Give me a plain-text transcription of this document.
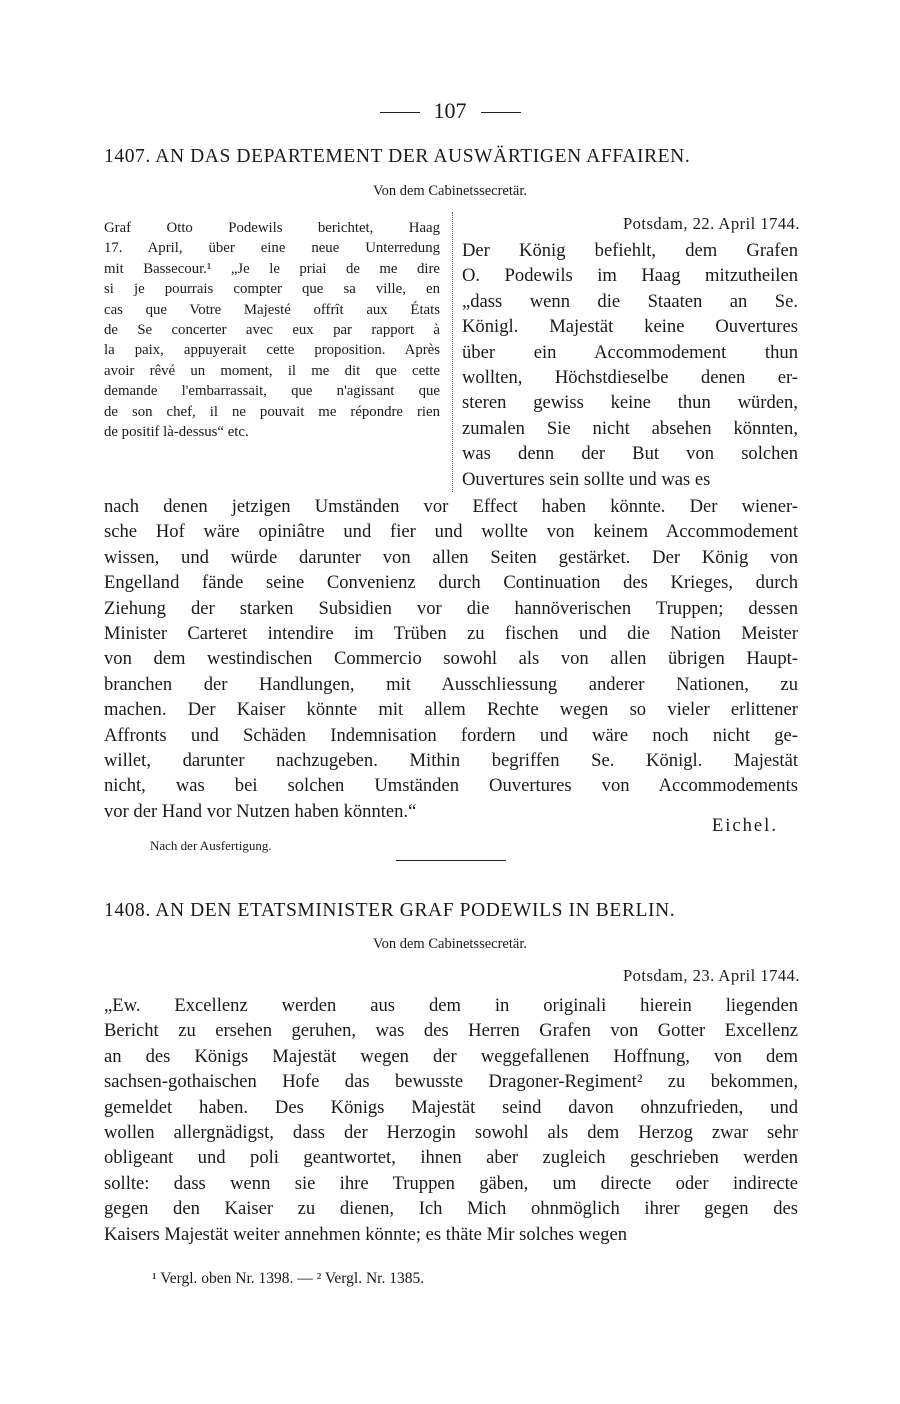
107
1407. AN DAS DEPARTEMENT DER AUSWÄRTIGEN AFFAIREN.
Von dem Cabinetssecretär.
Graf Otto Podewils berichtet, Haag
17. April, über eine neue Unterredung
mit Bassecour.¹ „Je le priai de me dire
si je pourrais compter que sa ville, en
cas que Votre Majesté offrît aux États
de Se concerter avec eux par rapport à
la paix, appuyerait cette proposition. Après
avoir rêvé un moment, il me dit que cette
demande l'embarrassait, que n'agissant que
de son chef, il ne pouvait me répondre rien
de positif là-dessus“ etc.
Potsdam, 22. April 1744.
Der König befiehlt, dem Grafen
O. Podewils im Haag mitzutheilen
„dass wenn die Staaten an Se.
Königl. Majestät keine Ouvertures
über ein Accommodement thun
wollten, Höchstdieselbe denen er-
steren gewiss keine thun würden,
zumalen Sie nicht absehen könnten,
was denn der But von solchen
Ouvertures sein sollte und was es
nach denen jetzigen Umständen vor Effect haben könnte. Der wiener-
sche Hof wäre opiniâtre und fier und wollte von keinem Accommodement
wissen, und würde darunter von allen Seiten gestärket. Der König von
Engelland fände seine Convenienz durch Continuation des Krieges, durch
Ziehung der starken Subsidien vor die hannöverischen Truppen; dessen
Minister Carteret intendire im Trüben zu fischen und die Nation Meister
von dem westindischen Commercio sowohl als von allen übrigen Haupt-
branchen der Handlungen, mit Ausschliessung anderer Nationen, zu
machen. Der Kaiser könnte mit allem Rechte wegen so vieler erlittener
Affronts und Schäden Indemnisation fordern und wäre noch nicht ge-
willet, darunter nachzugeben. Mithin begriffen Se. Königl. Majestät
nicht, was bei solchen Umständen Ouvertures von Accommodements
vor der Hand vor Nutzen haben könnten.“
Eichel.
Nach der Ausfertigung.
1408. AN DEN ETATSMINISTER GRAF PODEWILS IN BERLIN.
Von dem Cabinetssecretär.
Potsdam, 23. April 1744.
„Ew. Excellenz werden aus dem in originali hierein liegenden
Bericht zu ersehen geruhen, was des Herren Grafen von Gotter Excellenz
an des Königs Majestät wegen der weggefallenen Hoffnung, von dem
sachsen-gothaischen Hofe das bewusste Dragoner-Regiment² zu bekommen,
gemeldet haben. Des Königs Majestät seind davon ohnzufrieden, und
wollen allergnädigst, dass der Herzogin sowohl als dem Herzog zwar sehr
obligeant und poli geantwortet, ihnen aber zugleich geschrieben werden
sollte: dass wenn sie ihre Truppen gäben, um directe oder indirecte
gegen den Kaiser zu dienen, Ich Mich ohnmöglich ihrer gegen des
Kaisers Majestät weiter annehmen könnte; es thäte Mir solches wegen
¹ Vergl. oben Nr. 1398. — ² Vergl. Nr. 1385.
